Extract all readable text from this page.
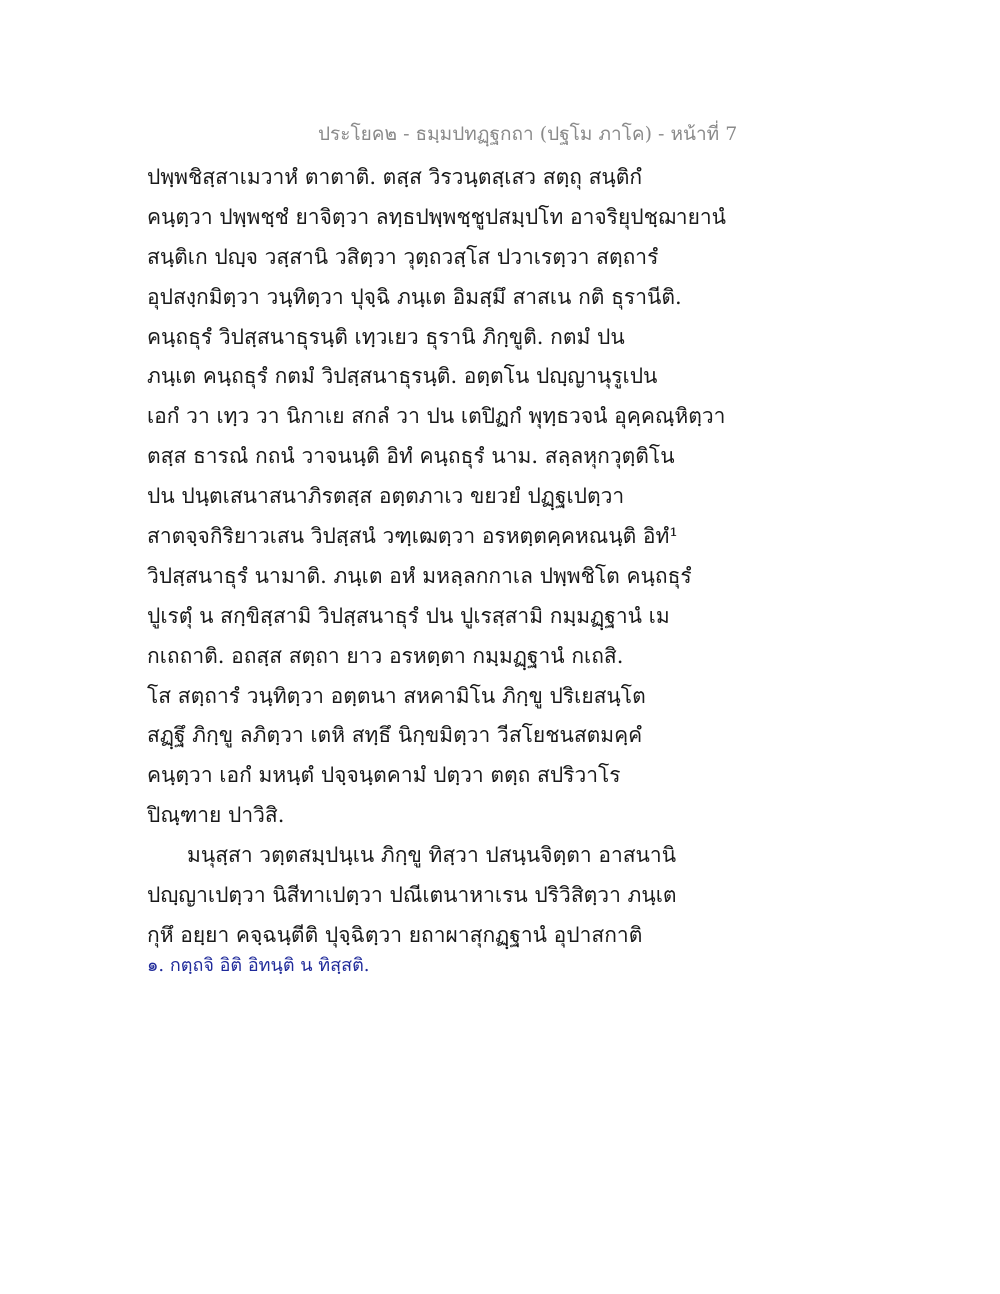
ประโยค๒ - ธมฺมปทฏฺฐกถา (ปฐโม ภาโค) - หน้าที่ 7
ปพฺพชิสฺสาเมวาหํ ตาตาติ. ตสฺส วิรวนฺตสฺเสว สตฺถุ สนฺติกํ
คนฺตฺวา ปพฺพชฺชํ ยาจิตฺวา ลทฺธปพฺพชฺชูปสมฺปโท อาจริยุปชฺฌายานํ
สนฺติเก ปญฺจ วสฺสานิ วสิตฺวา วุตฺถวสฺโส ปวาเรตฺวา สตฺถารํ
อุปสงฺกมิตฺวา วนฺทิตฺวา ปุจฺฉิ ภนฺเต อิมสฺมึ สาสเน กติ ธุรานีติ.
คนฺถธุรํ วิปสฺสนาธุรนฺติ เทฺวเยว ธุรานิ ภิกฺขูติ. กตมํ ปน
ภนฺเต คนฺถธุรํ กตมํ วิปสฺสนาธุรนฺติ. อตฺตโน ปญฺญานุรูเปน
เอกํ วา เทฺว วา นิกาเย สกลํ วา ปน เตปิฏกํ พุทฺธวจนํ อุคฺคณฺหิตฺวา
ตสฺส ธารณํ กถนํ วาจนนฺติ อิทํ คนฺถธุรํ นาม. สลฺลหุกวุตฺติโน
ปน ปนฺตเสนาสนาภิรตสฺส อตฺตภาเว ขยวยํ ปฏฺฐเปตฺวา
สาตจฺจกิริยาวเสน วิปสฺสนํ วฑฺเฒตฺวา อรหตฺตคฺคหณนฺติ อิทํ¹
วิปสฺสนาธุรํ นามาติ. ภนฺเต อหํ มหลฺลกกาเล ปพฺพชิโต คนฺถธุรํ
ปูเรตุํ น สกฺขิสฺสามิ วิปสฺสนาธุรํ ปน ปูเรสฺสามิ กมฺมฏฺฐานํ เม
กเถถาติ. อถสฺส สตฺถา ยาว อรหตฺตา กมฺมฏฺฐานํ กเถสิ.
โส สตฺถารํ วนฺทิตฺวา อตฺตนา สหคามิโน ภิกฺขู ปริเยสนฺโต
สฏฺฐึ ภิกฺขู ลภิตฺวา เตหิ สทฺธึ นิกฺขมิตฺวา วีสโยชนสตมคฺคํ
คนฺตฺวา เอกํ มหนฺตํ ปจฺจนฺตคามํ ปตฺวา ตตฺถ สปริวาโร
ปิณฺฑาย ปาวิสิ.
มนุสฺสา วตฺตสมฺปนฺเน ภิกฺขู ทิสฺวา ปสนฺนจิตฺตา อาสนานิ
ปญฺญาเปตฺวา นิสีทาเปตฺวา ปณีเตนาหาเรน ปริวิสิตฺวา ภนฺเต
กุหึ อยฺยา คจฺฉนฺตีติ ปุจฺฉิตฺวา ยถาผาสุกฏฺฐานํ อุปาสกาติ
๑. กตฺถจิ อิติ อิทนฺติ น ทิสฺสติ.
